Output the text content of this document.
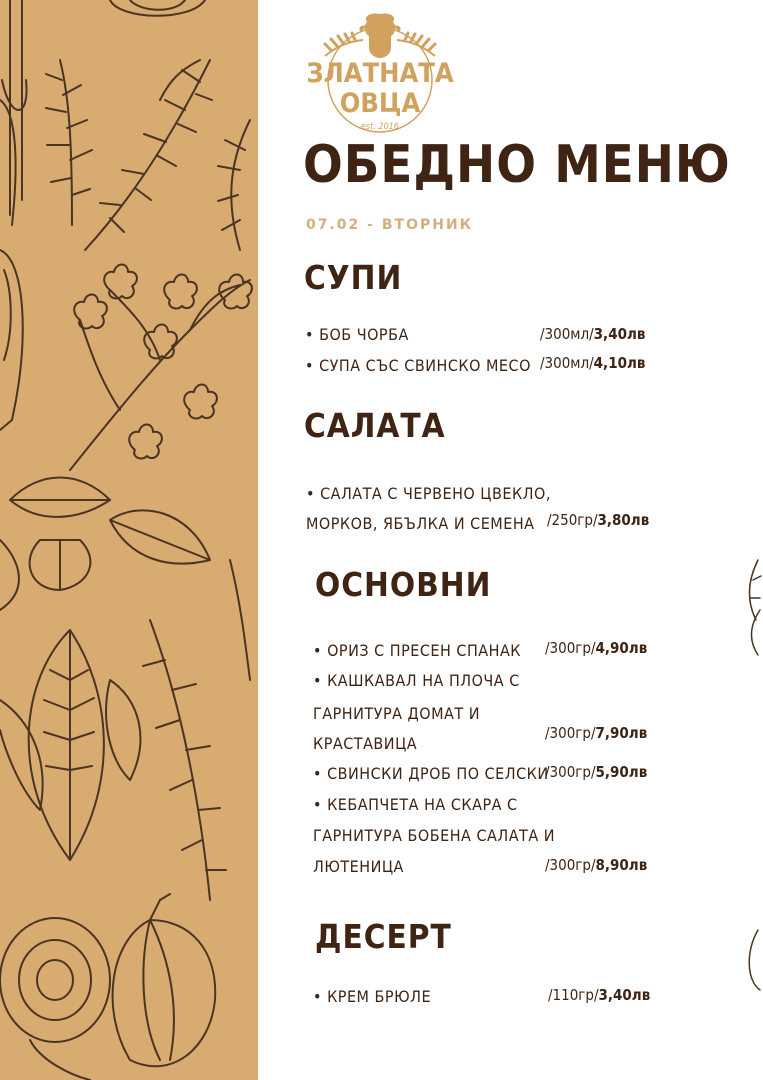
ЗЛАТНАТА
ОВЦА
est. 2016
ОБЕДНО МЕНЮ
07.02 - ВТОРНИК
СУПИ
• БОБ ЧОРБА	/300мл/3,40лв
• СУПА СЪС СВИНСКО МЕСО /300мл/4,10лв
САЛАТА
• САЛАТА С ЧЕРВЕНО ЦВЕКЛО,
МОРКОВ, ЯБЪЛКА И СЕМЕНА /250гр/3,80лв
ОСНОВНИ
• ОРИЗ С ПРЕСЕН СПАНАК /300гр/4,90лв
• КАШКАВАЛ НА ПЛОЧА С
ГАРНИТУРА ДОМАТ И
КРАСТАВИЦА
/300гр/7,90лв
• СВИНСКИ ДРОБ ПО СЕЛСКИ
/300гр/5,90лв
• КЕБАПЧЕТА НА СКАРА С
ГАРНИТУРА БОБЕНА САЛАТА И
ЛЮТЕНИЦА	/300гр/8,90лв
ДЕСЕРТ
• КРЕМ БРЮЛЕ	/110гр/3,40лв
